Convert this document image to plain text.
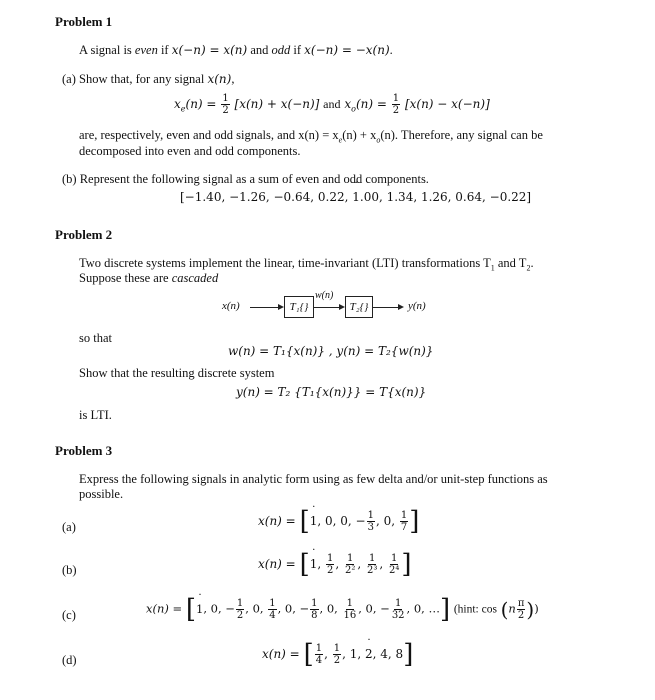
Problem 1
A signal is even if x(−n) = x(n) and odd if x(−n) = −x(n).
(a) Show that, for any signal x(n),
$x_e(n) = \frac{1}{2} [x(n) + x(-n)]$ and $x_o(n) = \frac{1}{2} [x(n) - x(-n)]$
are, respectively, even and odd signals, and $x(n) = x_e(n) + x_o(n)$. Therefore, any signal can be
decomposed into even and odd components.
(b) Represent the following signal as a sum of even and odd components.
[−1.40, −1.26, −0.64, 0.22, ˙ 1.00, 1.34, 1.26, 0.64, −0.22]
Problem 2
Two discrete systems implement the linear, time-invariant (LTI) transformations $T_1$ and $T_2$.
Suppose these are cascaded
x(n)	T₁{}
w(n)
T₂{}	y(n)
so that
w(n) = T₁{x(n)} , y(n) = T₂{w(n)}
Show that the resulting discrete system
y(n) = T₂ {T₁{x(n)}} = T{x(n)}
is LTI.
Problem 3
Express the following signals in analytic form using as few delta and/or unit-step functions as
possible.
(a)	x(n) = [˙ 1, 0, 0, − $\frac{1}{3}$ , 0, $\frac{1}{7}$ ]
(b)	x(n) = [˙ 1, $\frac{1}{2}$ , $\frac{1}{\text{2²}}$ , $\frac{1}{\text{2³}}$ , $\frac{1}{\text{2⁴}}$ ]
(c)	x(n) = [˙ 1, 0, − $\frac{1}{2}$ , 0, $\frac{1}{4}$ , 0, − $\frac{1}{8}$ , 0, $\frac{1}{16}$ , 0, − $\frac{1}{32}$ , 0, …] (hint: $\cos (n \frac{\pi}{2}$ ))
(d)	x(n) = [ $\frac{1}{4}$ , $\frac{1}{2}$ , 1, ˙ 2, 4, 8]
